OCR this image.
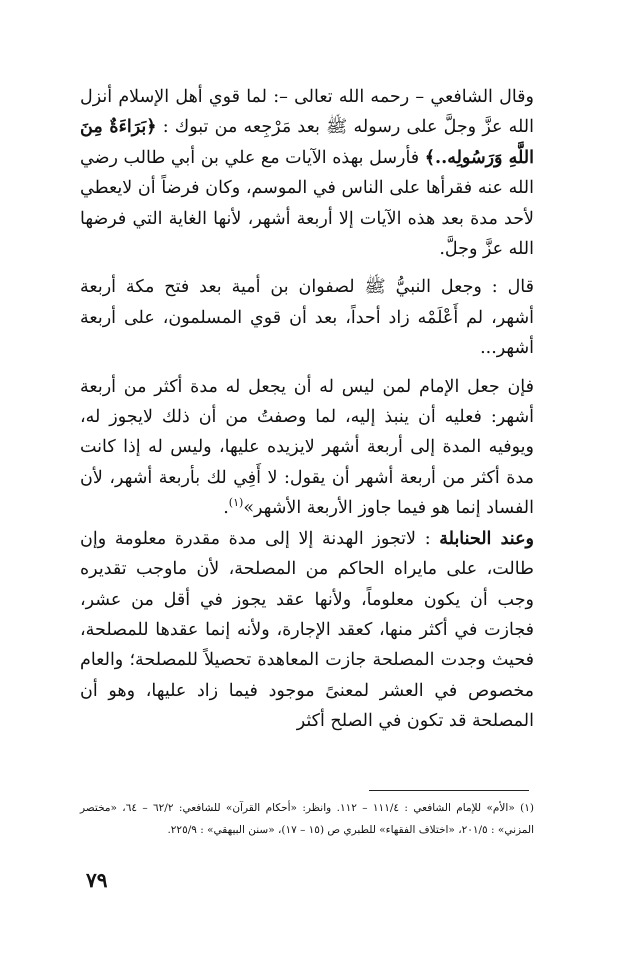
وقال الشافعي – رحمه الله تعالى –: لما قوي أهل الإسلام أنزل الله عزَّ وجلَّ على رسوله ﷺ بعد مَرْجِعه من تبوك : ﴿بَرَاءَةٌ مِنَ اللَّهِ وَرَسُولِه..﴾ فأرسل بهذه الآيات مع علي بن أبي طالب رضي الله عنه فقرأها على الناس في الموسم، وكان فرضاً أن لايعطي لأحد مدة بعد هذه الآيات إلا أربعة أشهر، لأنها الغاية التي فرضها الله عزَّ وجلَّ.

قال : وجعل النبيُّ ﷺ لصفوان بن أمية بعد فتح مكة أربعة أشهر، لم أَعْلَمْه زاد أحداً، بعد أن قوي المسلمون، على أربعة أشهر...

فإن جعل الإمام لمن ليس له أن يجعل له مدة أكثر من أربعة أشهر: فعليه أن ينبذ إليه، لما وصفتُ من أن ذلك لايجوز له، ويوفيه المدة إلى أربعة أشهر لايزيده عليها، وليس له إذا كانت مدة أكثر من أربعة أشهر أن يقول: لا أَفِي لك بأربعة أشهر، لأن الفساد إنما هو فيما جاوز الأربعة الأشهر»$^{(١)}$.

وعند الحنابلة : لاتجوز الهدنة إلا إلى مدة مقدرة معلومة وإن طالت، على مايراه الحاكم من المصلحة، لأن ماوجب تقديره وجب أن يكون معلوماً، ولأنها عقد يجوز في أقل من عشر، فجازت في أكثر منها، كعقد الإجارة، ولأنه إنما عقدها للمصلحة، فحيث وجدت المصلحة جازت المعاهدة تحصيلاً للمصلحة؛ والعام مخصوص في العشر لمعنىً موجود فيما زاد عليها، وهو أن المصلحة قد تكون في الصلح أكثر

(١) «الأم» للإمام الشافعي : ١١١/٤ – ١١٢. وانظر: «أحكام القرآن» للشافعي: ٦٢/٢ – ٦٤، «مختصر المزني» : ٢٠١/٥، «اختلاف الفقهاء» للطبري ص (١٥ – ١٧)، «سنن البيهقي» : ٢٢٥/٩.

٧٩
